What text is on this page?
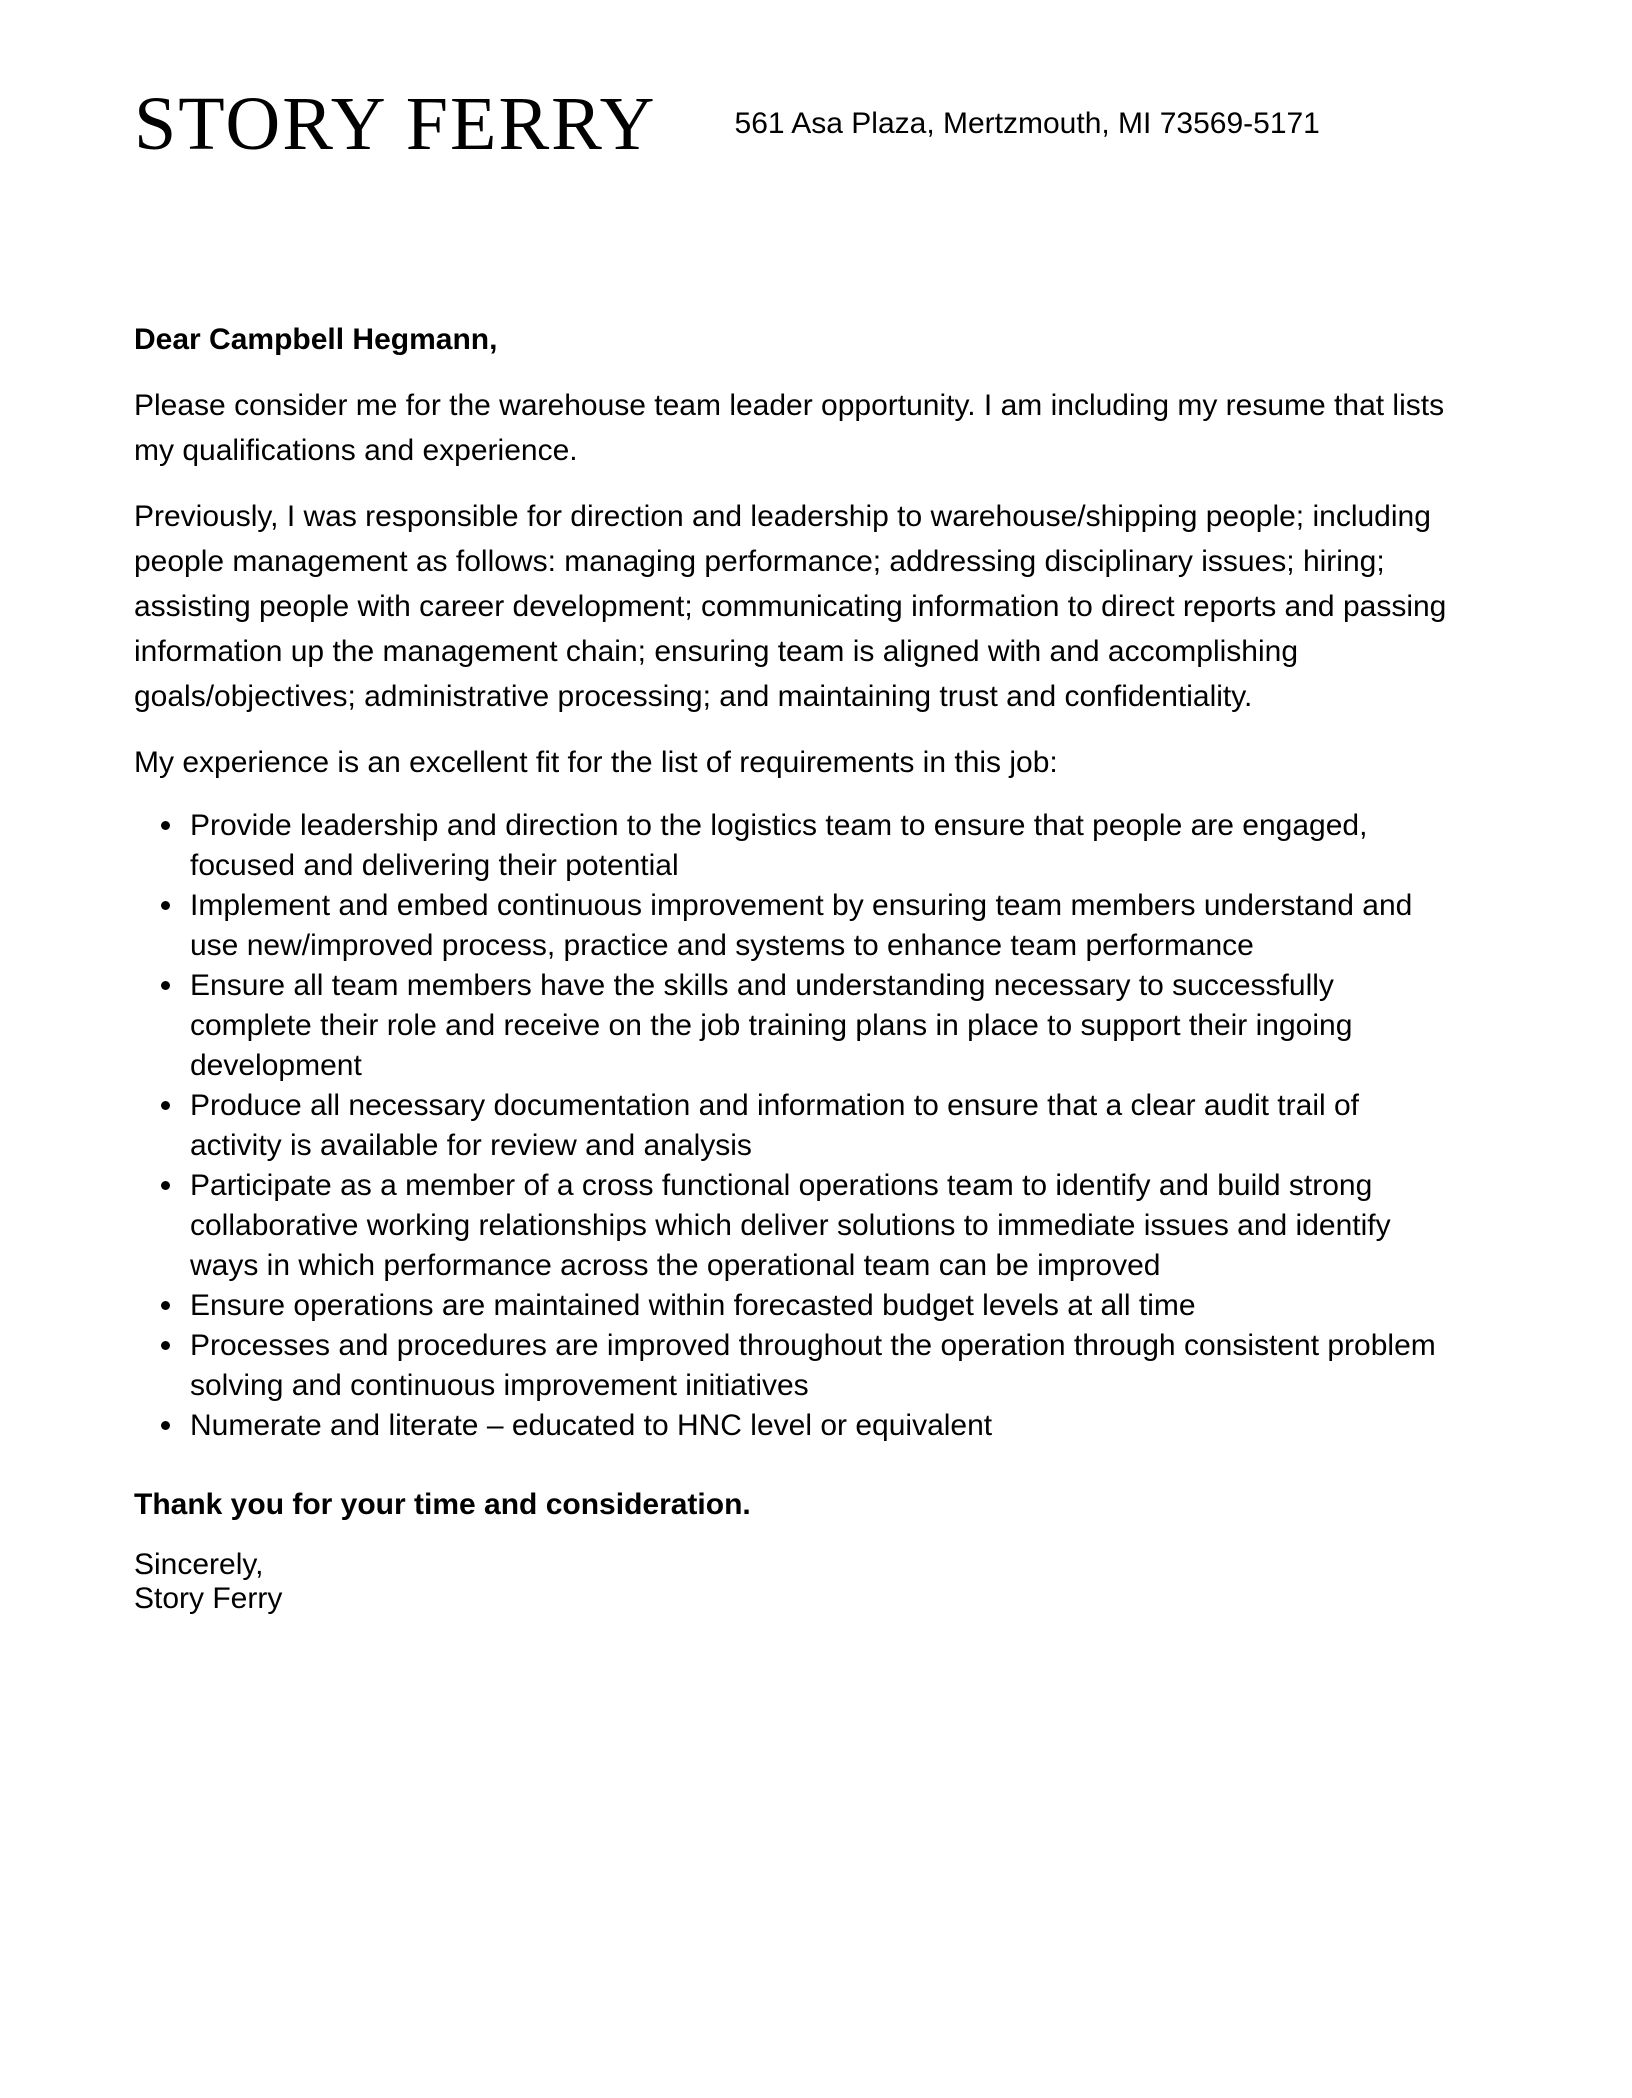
STORY FERRY	561 Asa Plaza, Mertzmouth, MI 73569-5171

Dear Campbell Hegmann,

Please consider me for the warehouse team leader opportunity. I am including my resume that lists my qualifications and experience.

Previously, I was responsible for direction and leadership to warehouse/shipping people; including people management as follows: managing performance; addressing disciplinary issues; hiring; assisting people with career development; communicating information to direct reports and passing information up the management chain; ensuring team is aligned with and accomplishing goals/objectives; administrative processing; and maintaining trust and confidentiality.

My experience is an excellent fit for the list of requirements in this job:

Provide leadership and direction to the logistics team to ensure that people are engaged, focused and delivering their potential
Implement and embed continuous improvement by ensuring team members understand and use new/improved process, practice and systems to enhance team performance
Ensure all team members have the skills and understanding necessary to successfully complete their role and receive on the job training plans in place to support their ingoing development
Produce all necessary documentation and information to ensure that a clear audit trail of activity is available for review and analysis
Participate as a member of a cross functional operations team to identify and build strong collaborative working relationships which deliver solutions to immediate issues and identify ways in which performance across the operational team can be improved
Ensure operations are maintained within forecasted budget levels at all time
Processes and procedures are improved throughout the operation through consistent problem solving and continuous improvement initiatives
Numerate and literate – educated to HNC level or equivalent

Thank you for your time and consideration.

Sincerely,
Story Ferry
